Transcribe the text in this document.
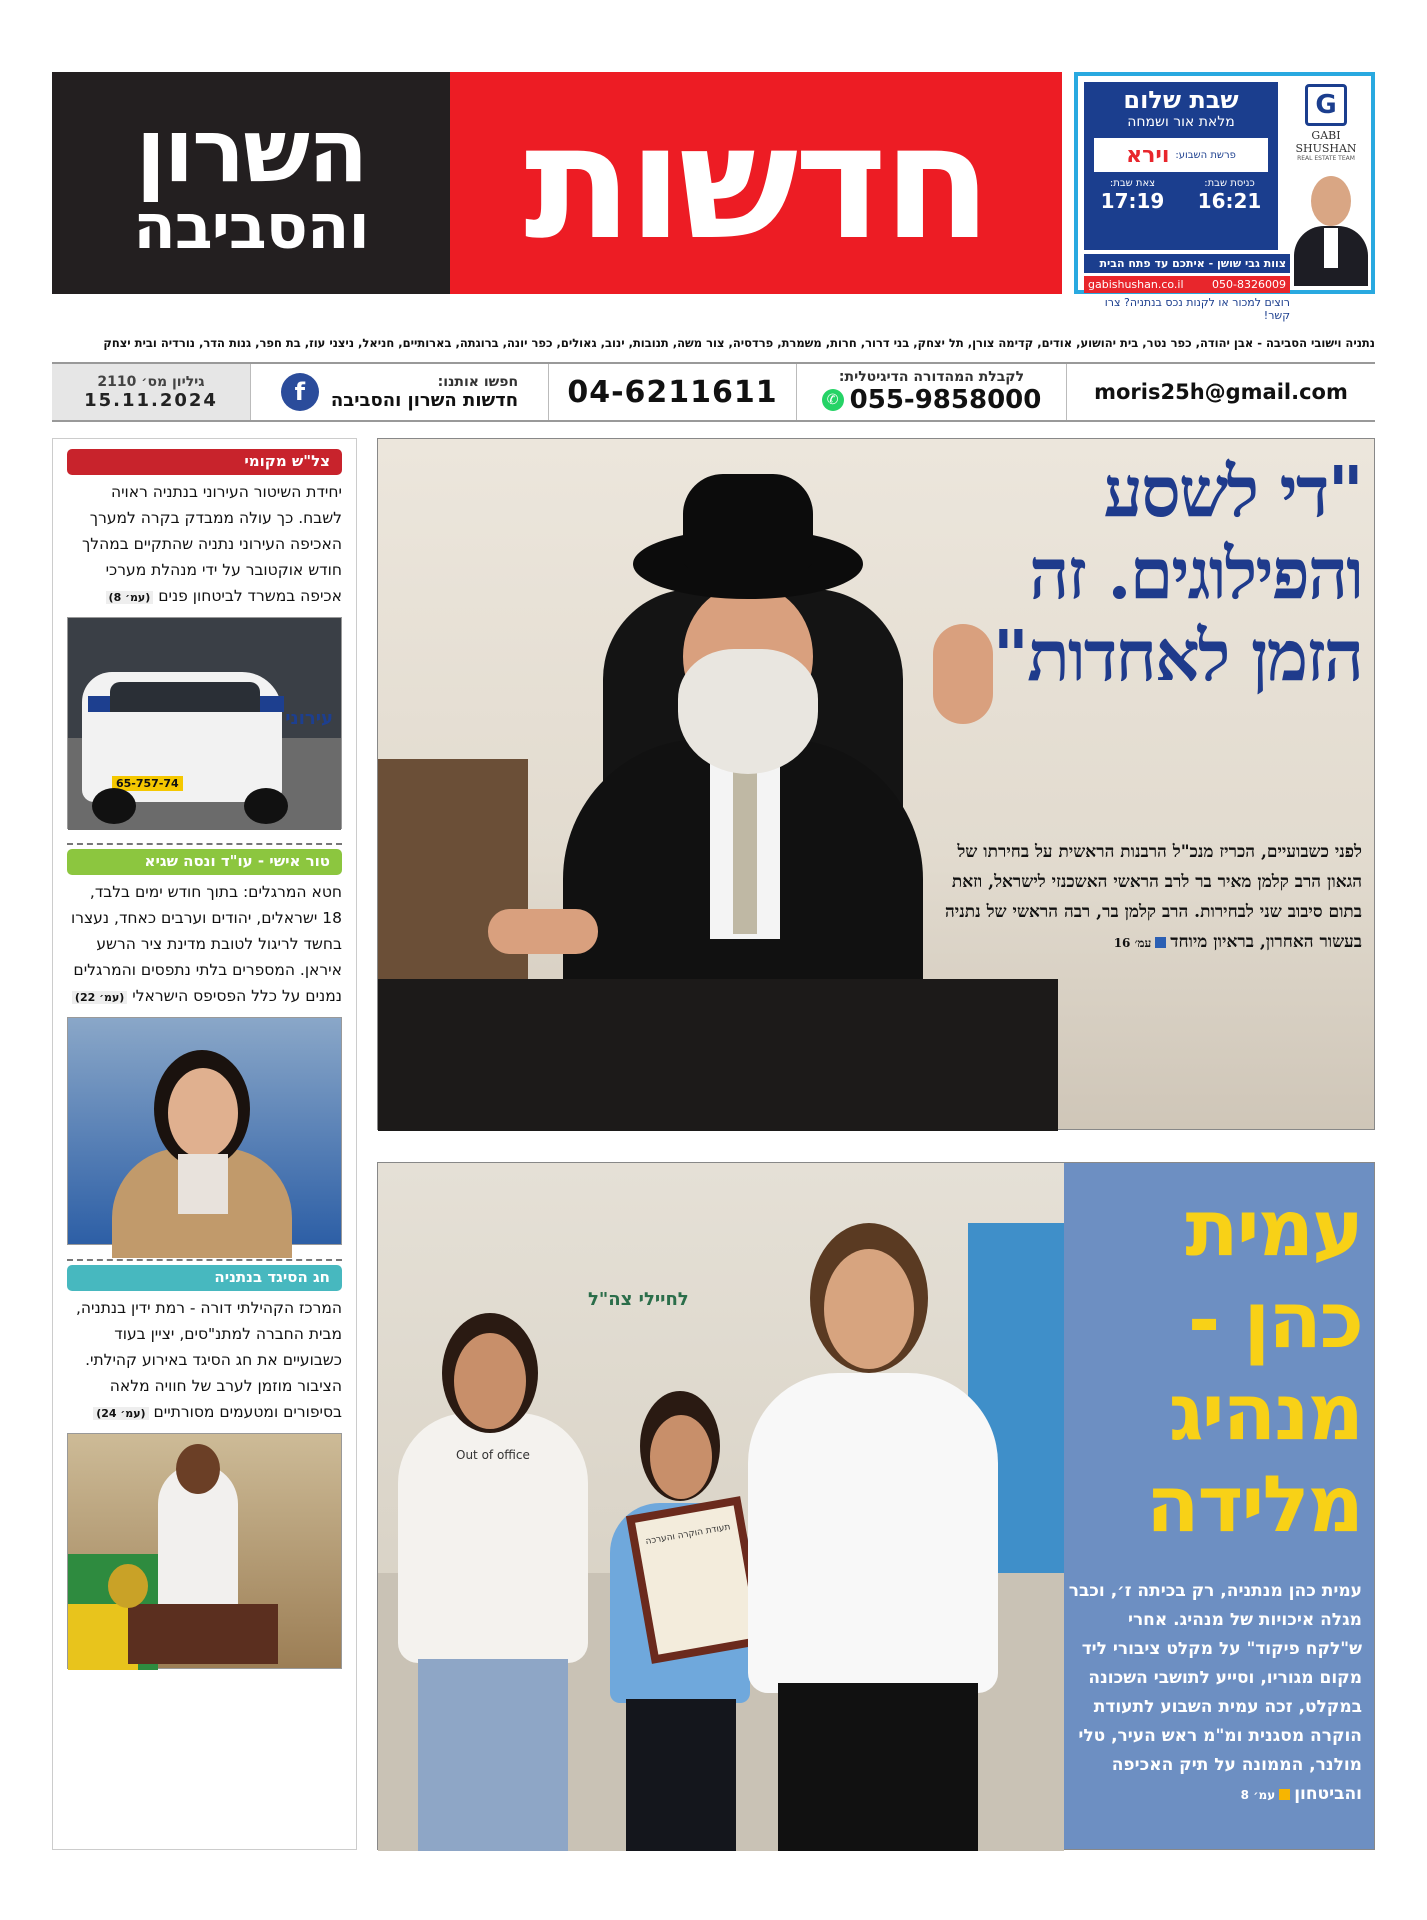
השרון
והסביבה חדשות	שבת שלום
מלאת אור ושמחה
פרשת השבוע:
וירא
כניסת שבת:
16:21
צאת שבת:
17:19
G
GABI SHUSHAN
REAL ESTATE TEAM
צוות גבי שושן - איתכם עד פתח הבית
gabishushan.co.il	050-8326009
רוצים למכור או לקנות נכס בנתניה? צרו קשר!
נתניה וישובי הסביבה - אבן יהודה, כפר נטר, בית יהושוע, אודים, קדימה צורן, תל יצחק, בני דרור, חרות, משמרת, פרדסיה, צור משה, תנובות, ינוב, גאולים, כפר יונה, ברוגתה, בארותיים, חניאל, ניצני עוז, בת חפר, גנות הדר, נורדיה ובית יצחק
גיליון מס׳ 2110
15.11.2024	f	חפשו אותנו:
חדשות השרון והסביבה	04-6211611	לקבלת המהדורה הדיגיטלית:
✆ 055-9858000	moris25h@gmail.com
צל"ש מקומי
יחידת השיטור העירוני בנתניה ראויה לשבח. כך עולה ממבדק בקרה למערך האכיפה העירוני נתניה שהתקיים במהלך חודש אוקטובר על ידי מנהלת מערכי אכיפה במשרד לביטחון פנים (עמ׳ 8)
עירוני
65-757-74
טור אישי - עו"ד ונסה שגיא
חטא המרגלים: בתוך חודש ימים בלבד, 18 ישראלים, יהודים וערבים כאחד, נעצרו בחשד לריגול לטובת מדינת ציר הרשע איראן. המספרים בלתי נתפסים והמרגלים נמנים על כלל הפסיפס הישראלי (עמ׳ 22)
חג הסיגד בנתניה
המרכז הקהילתי דורה - רמת ידין בנתניה, מבית החברה למתנ"סים, יציין בעוד כשבועיים את חג הסיגד באירוע קהילתי. הציבור מוזמן לערב של חוויה מלאה בסיפורים ומטעמים מסורתיים (עמ׳ 24)
"די לשסע והפילוגים. זה הזמן לאחדות"
לפני כשבועיים, הכריז מנכ"ל הרבנות הראשית על בחירתו של הגאון הרב קלמן מאיר בר לרב הראשי האשכנזי לישראל, וזאת בתום סיבוב שני לבחירות. הרב קלמן בר, רבה הראשי של נתניה בעשור האחרון, בראיון מיוחדעמ׳ 16
לחיילי צה"ל
Out of office
תעודת הוקרה והערכה
עמית כהן - מנהיג מלידה
עמית כהן מנתניה, רק בכיתה ז׳, וכבר מגלה איכויות של מנהיג. אחרי ש"לקח פיקוד" על מקלט ציבורי ליד מקום מגוריו, וסייע לתושבי השכונה במקלט, זכה עמית השבוע לתעודת הוקרה מסגנית ומ"מ ראש העיר, טלי מולנר, הממונה על תיק האכיפה והביטחוןעמ׳ 8
